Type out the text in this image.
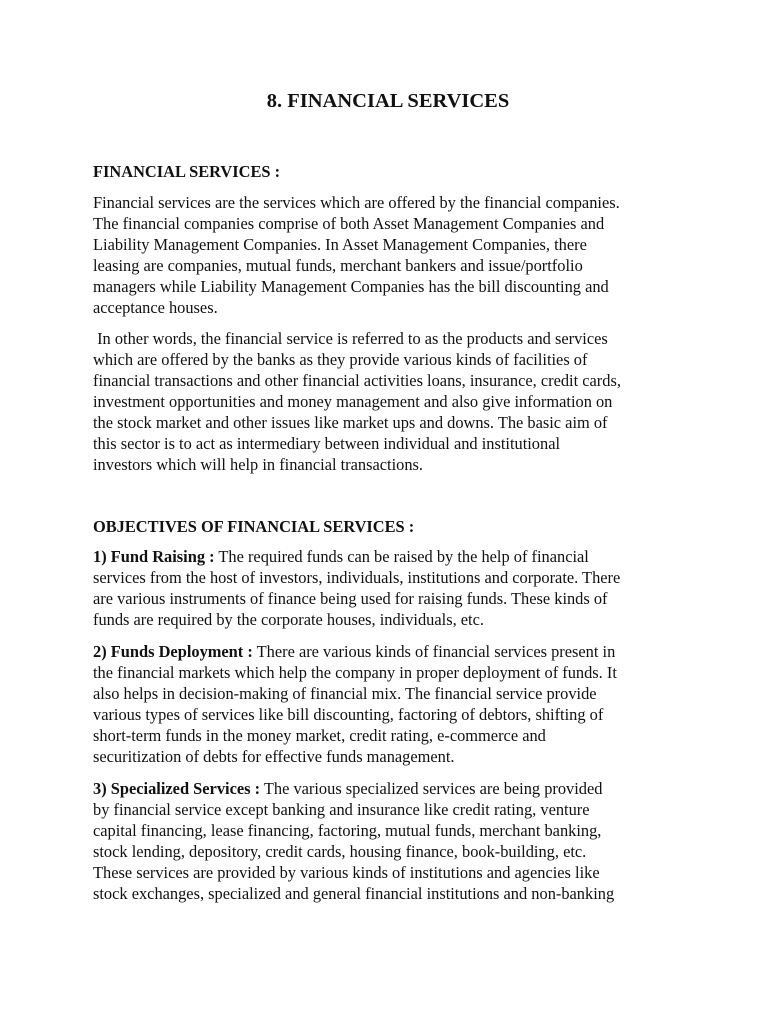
8. FINANCIAL SERVICES

FINANCIAL SERVICES :

Financial services are the services which are offered by the financial companies.

The financial companies comprise of both Asset Management Companies and

Liability Management Companies. In Asset Management Companies, there

leasing are companies, mutual funds, merchant bankers and issue/portfolio

managers while Liability Management Companies has the bill discounting and

acceptance houses.

In other words, the financial service is referred to as the products and services

which are offered by the banks as they provide various kinds of facilities of

financial transactions and other financial activities loans, insurance, credit cards,

investment opportunities and money management and also give information on

the stock market and other issues like market ups and downs. The basic aim of

this sector is to act as intermediary between individual and institutional

investors which will help in financial transactions.

OBJECTIVES OF FINANCIAL SERVICES :

1) Fund Raising : The required funds can be raised by the help of financial

services from the host of investors, individuals, institutions and corporate. There

are various instruments of finance being used for raising funds. These kinds of

funds are required by the corporate houses, individuals, etc.

2) Funds Deployment : There are various kinds of financial services present in

the financial markets which help the company in proper deployment of funds. It

also helps in decision-making of financial mix. The financial service provide

various types of services like bill discounting, factoring of debtors, shifting of

short-term funds in the money market, credit rating, e-commerce and

securitization of debts for effective funds management.

3) Specialized Services : The various specialized services are being provided

by financial service except banking and insurance like credit rating, venture

capital financing, lease financing, factoring, mutual funds, merchant banking,

stock lending, depository, credit cards, housing finance, book-building, etc.

These services are provided by various kinds of institutions and agencies like

stock exchanges, specialized and general financial institutions and non-banking
